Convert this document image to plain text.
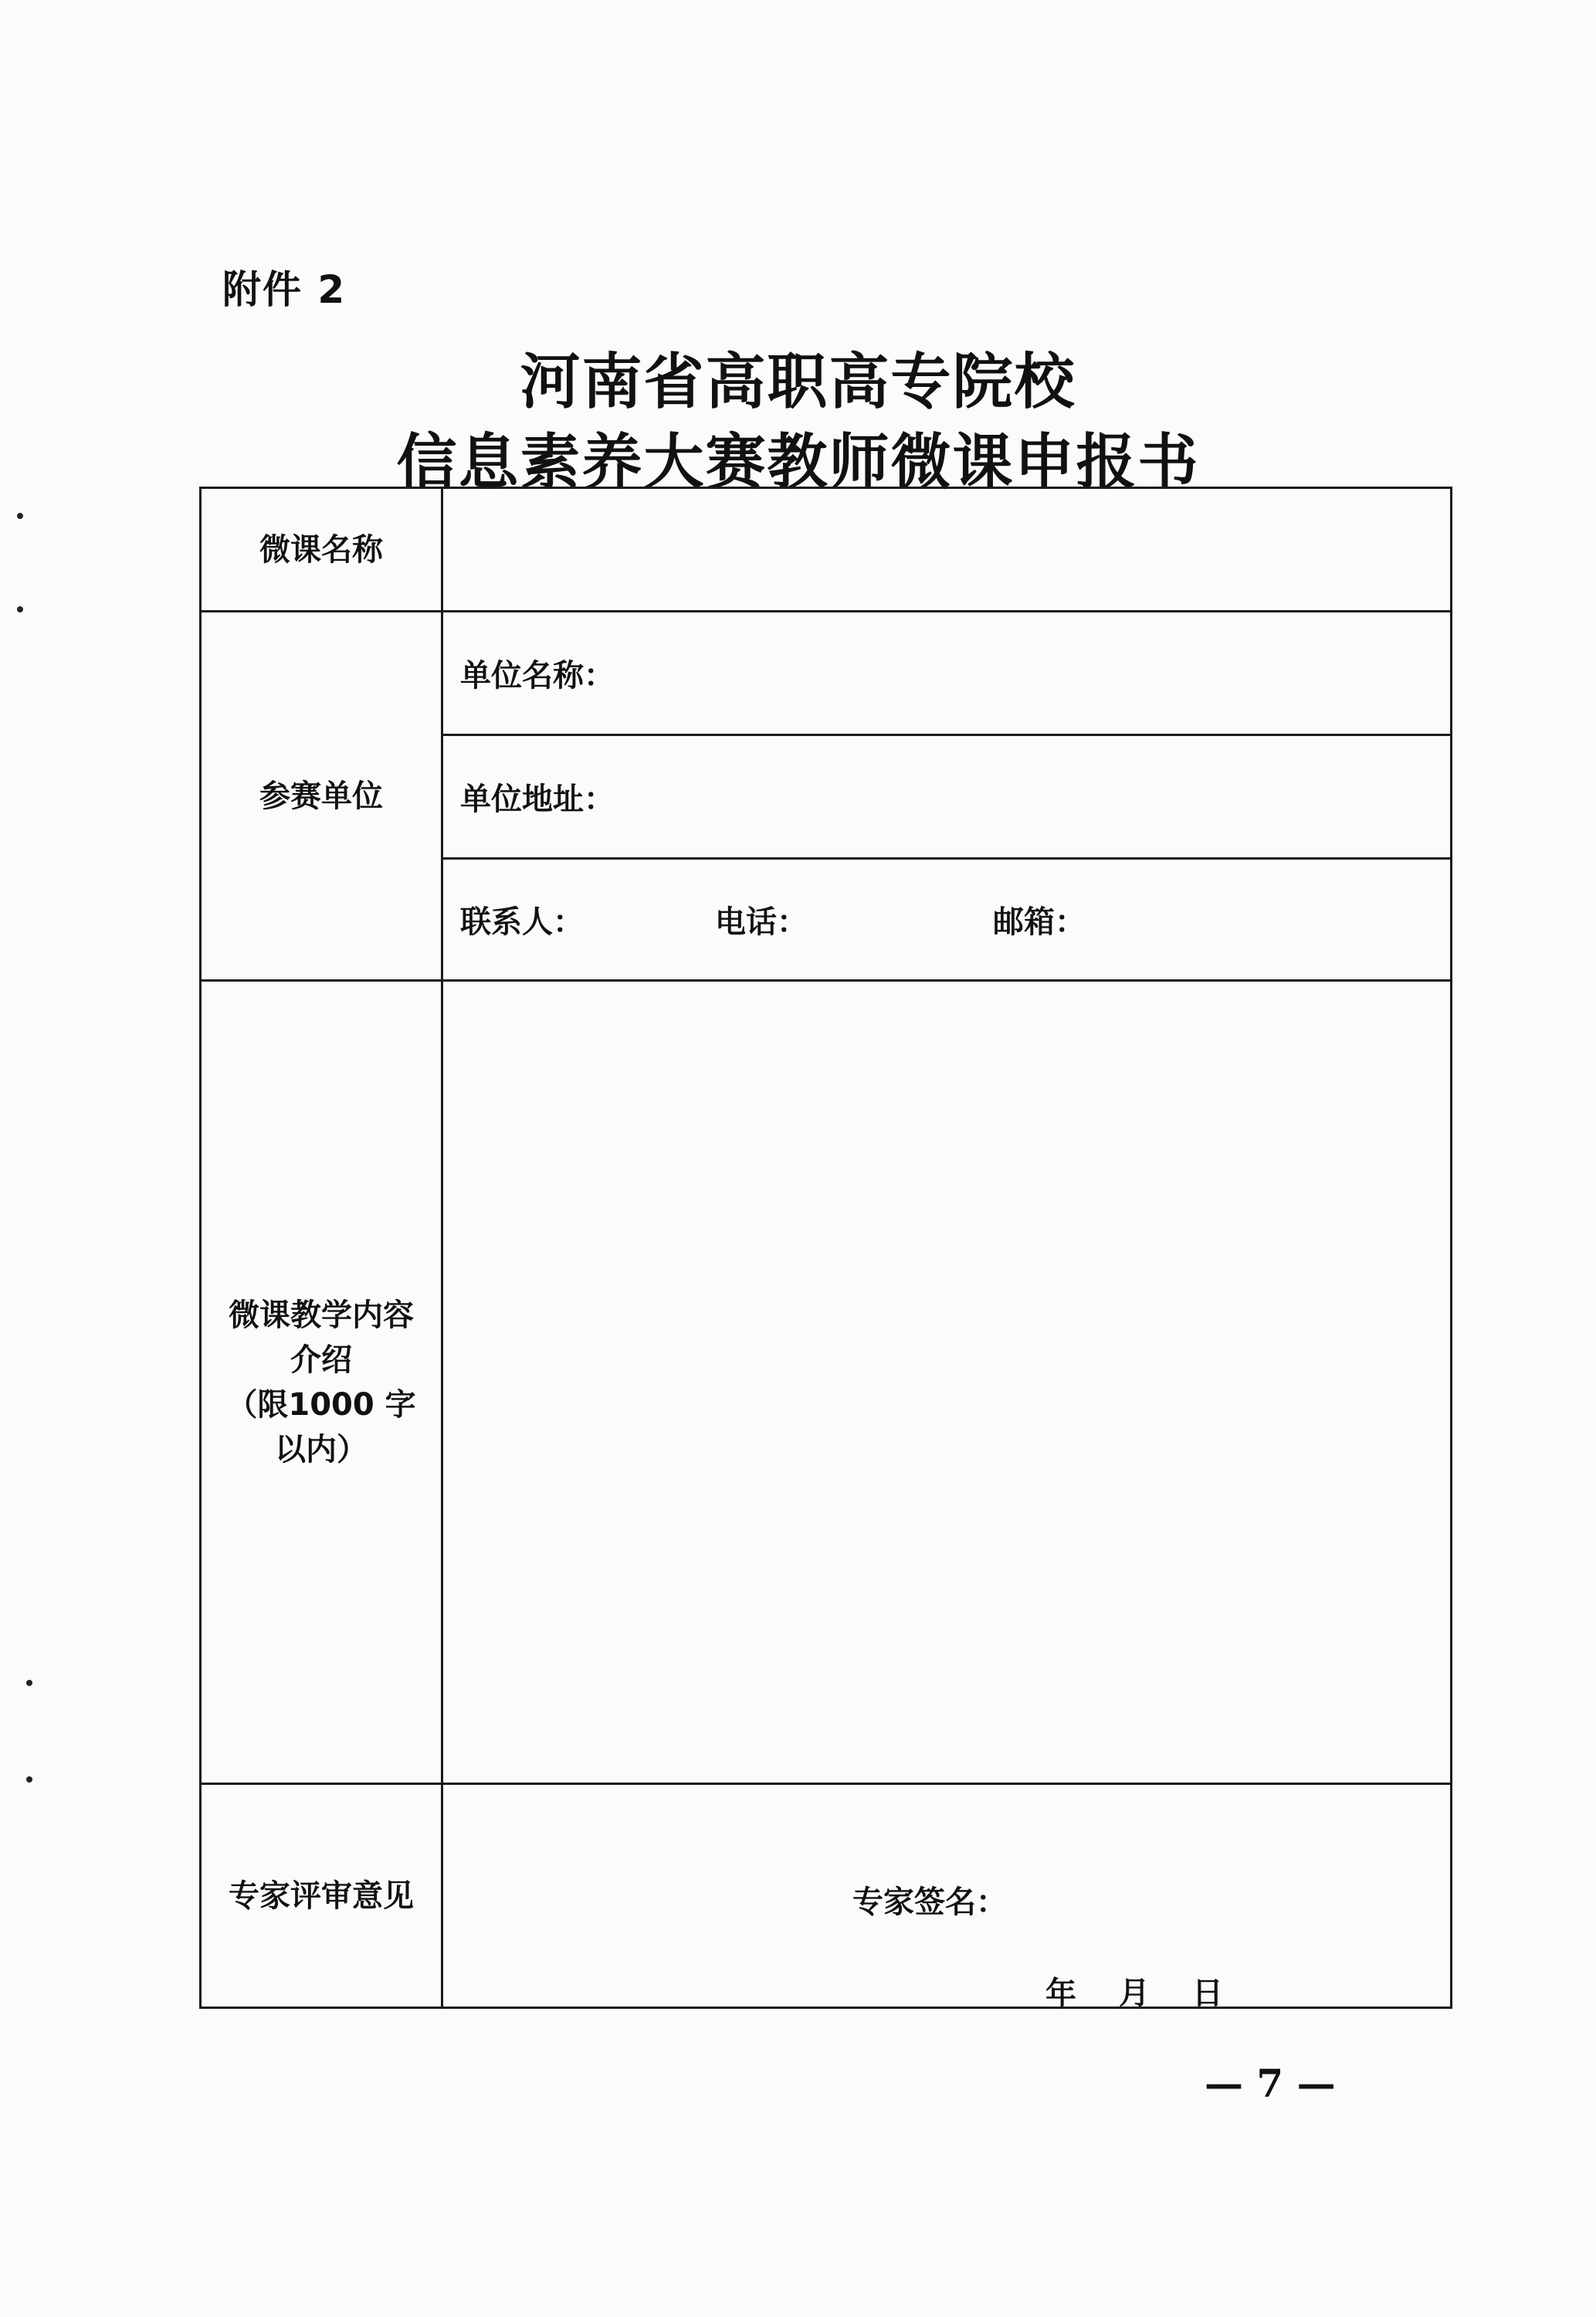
附件 2
河南省高职高专院校
信息素养大赛教师微课申报书
微课名称	
参赛单位	单位名称：
	单位地址：
	联系人： 电话： 邮箱：

微课教学内容
介绍
（限1000 字
以内）	

专家评审意见	专家签名：
年 月 日
— 7 —
